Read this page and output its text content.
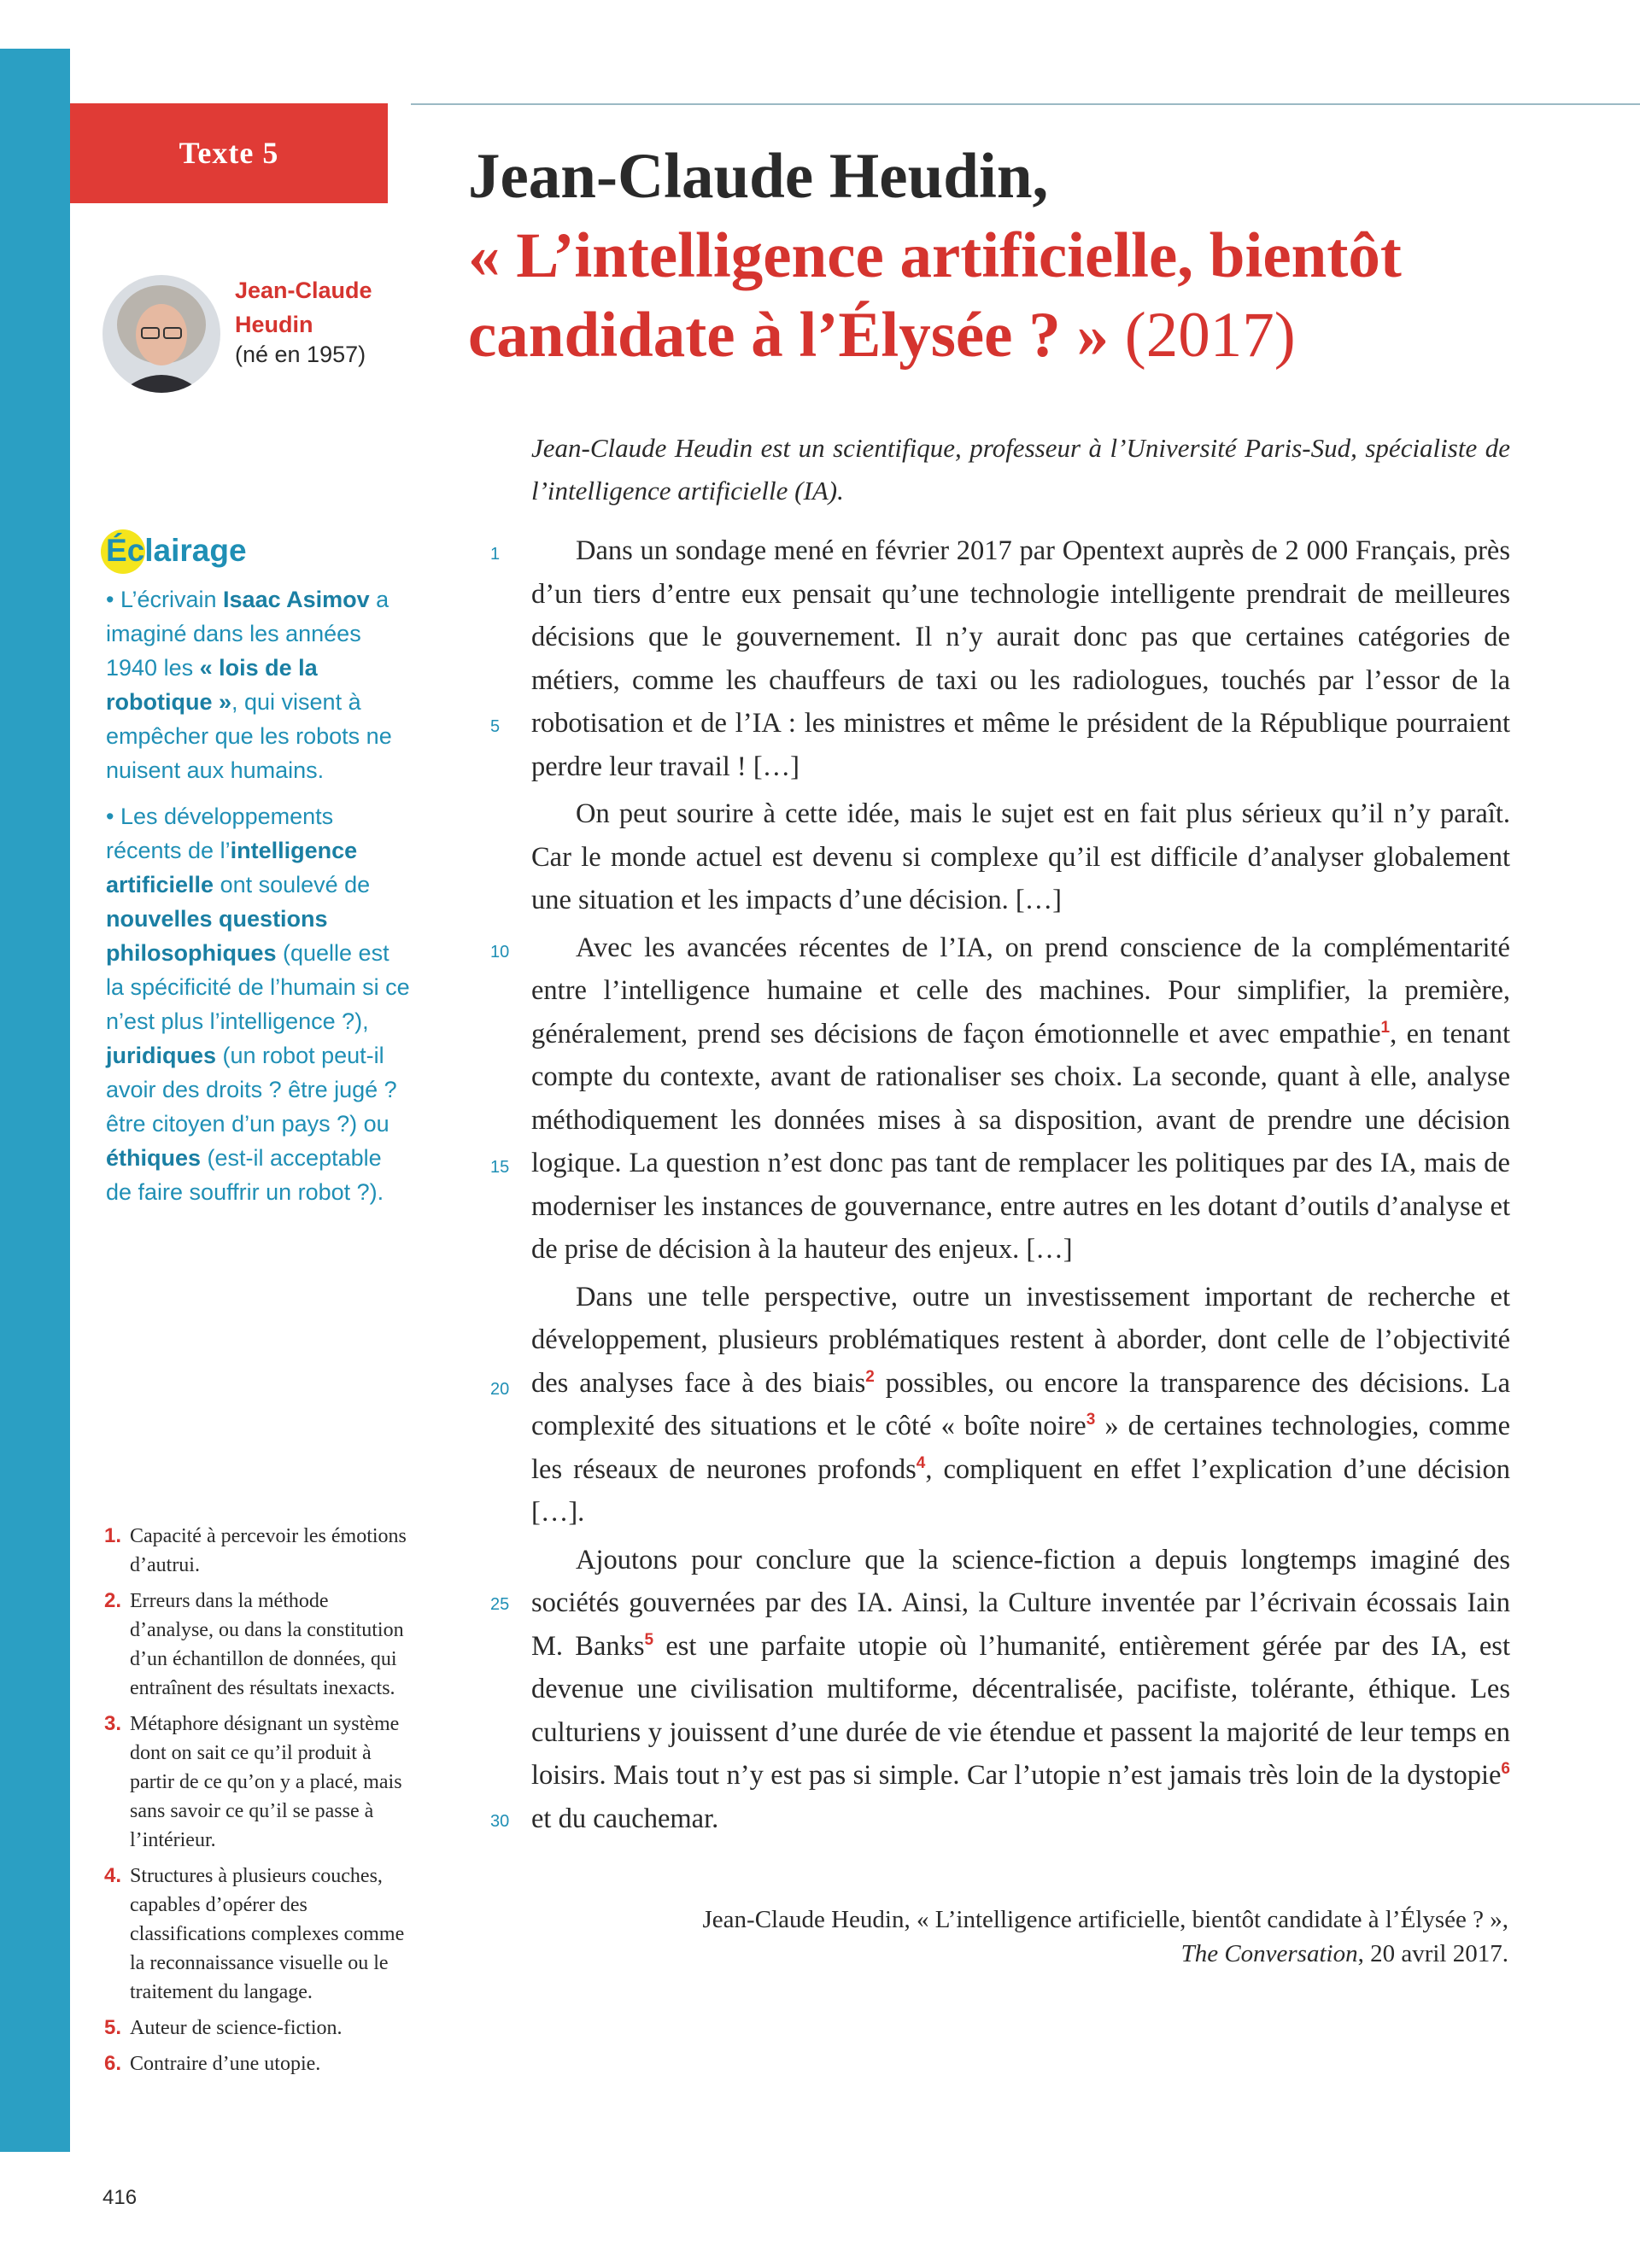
Texte 5	Jean-Claude Heudin,
« L’intelligence artificielle, bientôt
candidate à l’Élysée ? » (2017)
Jean-Claude Heudin
(né en 1957)
Éclairage

• L’écrivain Isaac Asimov a imaginé dans les années 1940 les « lois de la robotique », qui visent à empêcher que les robots ne nuisent aux humains.

• Les développements récents de l’intelligence artificielle ont soulevé de nouvelles questions philosophiques (quelle est la spécificité de l’humain si ce n’est plus l’intelligence ?), juridiques (un robot peut-il avoir des droits ? être jugé ? être citoyen d’un pays ?) ou éthiques (est-il acceptable de faire souffrir un robot ?).

Jean-Claude Heudin est un scientifique, professeur à l’Université Paris-Sud, spécialiste de l’intelligence artificielle (IA).

Dans un sondage mené en février 2017 par Opentext auprès de 2 000 Français, près d’un tiers d’entre eux pensait qu’une technologie intelligente prendrait de meilleures décisions que le gouvernement. Il n’y aurait donc pas que certaines catégories de métiers, comme les chauffeurs de taxi ou les radiologues, touchés par l’essor de la robotisation et de l’IA : les ministres et même le président de la République pourraient perdre leur travail ! […]

On peut sourire à cette idée, mais le sujet est en fait plus sérieux qu’il n’y paraît. Car le monde actuel est devenu si complexe qu’il est difficile d’analyser globalement une situation et les impacts d’une décision. […]

Avec les avancées récentes de l’IA, on prend conscience de la complémentarité entre l’intelligence humaine et celle des machines. Pour simplifier, la première, généralement, prend ses décisions de façon émotionnelle et avec empathie$^1$, en tenant compte du contexte, avant de rationaliser ses choix. La seconde, quant à elle, analyse méthodiquement les données mises à sa disposition, avant de prendre une décision logique. La question n’est donc pas tant de remplacer les politiques par des IA, mais de moderniser les instances de gouvernance, entre autres en les dotant d’outils d’analyse et de prise de décision à la hauteur des enjeux. […]

Dans une telle perspective, outre un investissement important de recherche et développement, plusieurs problématiques restent à aborder, dont celle de l’objectivité des analyses face à des biais$^2$ possibles, ou encore la transparence des décisions. La complexité des situations et le côté « boîte noire$^3$ » de certaines technologies, comme les réseaux de neurones profonds$^4$, compliquent en effet l’explication d’une décision […].

Ajoutons pour conclure que la science-fiction a depuis longtemps imaginé des sociétés gouvernées par des IA. Ainsi, la Culture inventée par l’écrivain écossais Iain M. Banks$^5$ est une parfaite utopie où l’humanité, entièrement gérée par des IA, est devenue une civilisation multiforme, décentralisée, pacifiste, tolérante, éthique. Les culturiens y jouissent d’une durée de vie étendue et passent la majorité de leur temps en loisirs. Mais tout n’y est pas si simple. Car l’utopie n’est jamais très loin de la dystopie$^6$ et du cauchemar.

1
5
10
15
20
25
30
Jean-Claude Heudin, « L’intelligence artificielle, bientôt candidate à l’Élysée ? »,
The Conversation, 20 avril 2017.
1. Capacité à percevoir les émotions d’autrui.
2. Erreurs dans la méthode d’analyse, ou dans la constitution d’un échantillon de données, qui entraînent des résultats inexacts.
3. Métaphore désignant un système dont on sait ce qu’il produit à partir de ce qu’on y a placé, mais sans savoir ce qu’il se passe à l’intérieur.
4. Structures à plusieurs couches, capables d’opérer des classifications complexes comme la reconnaissance visuelle ou le traitement du langage.
5. Auteur de science-fiction.
6. Contraire d’une utopie.
416
